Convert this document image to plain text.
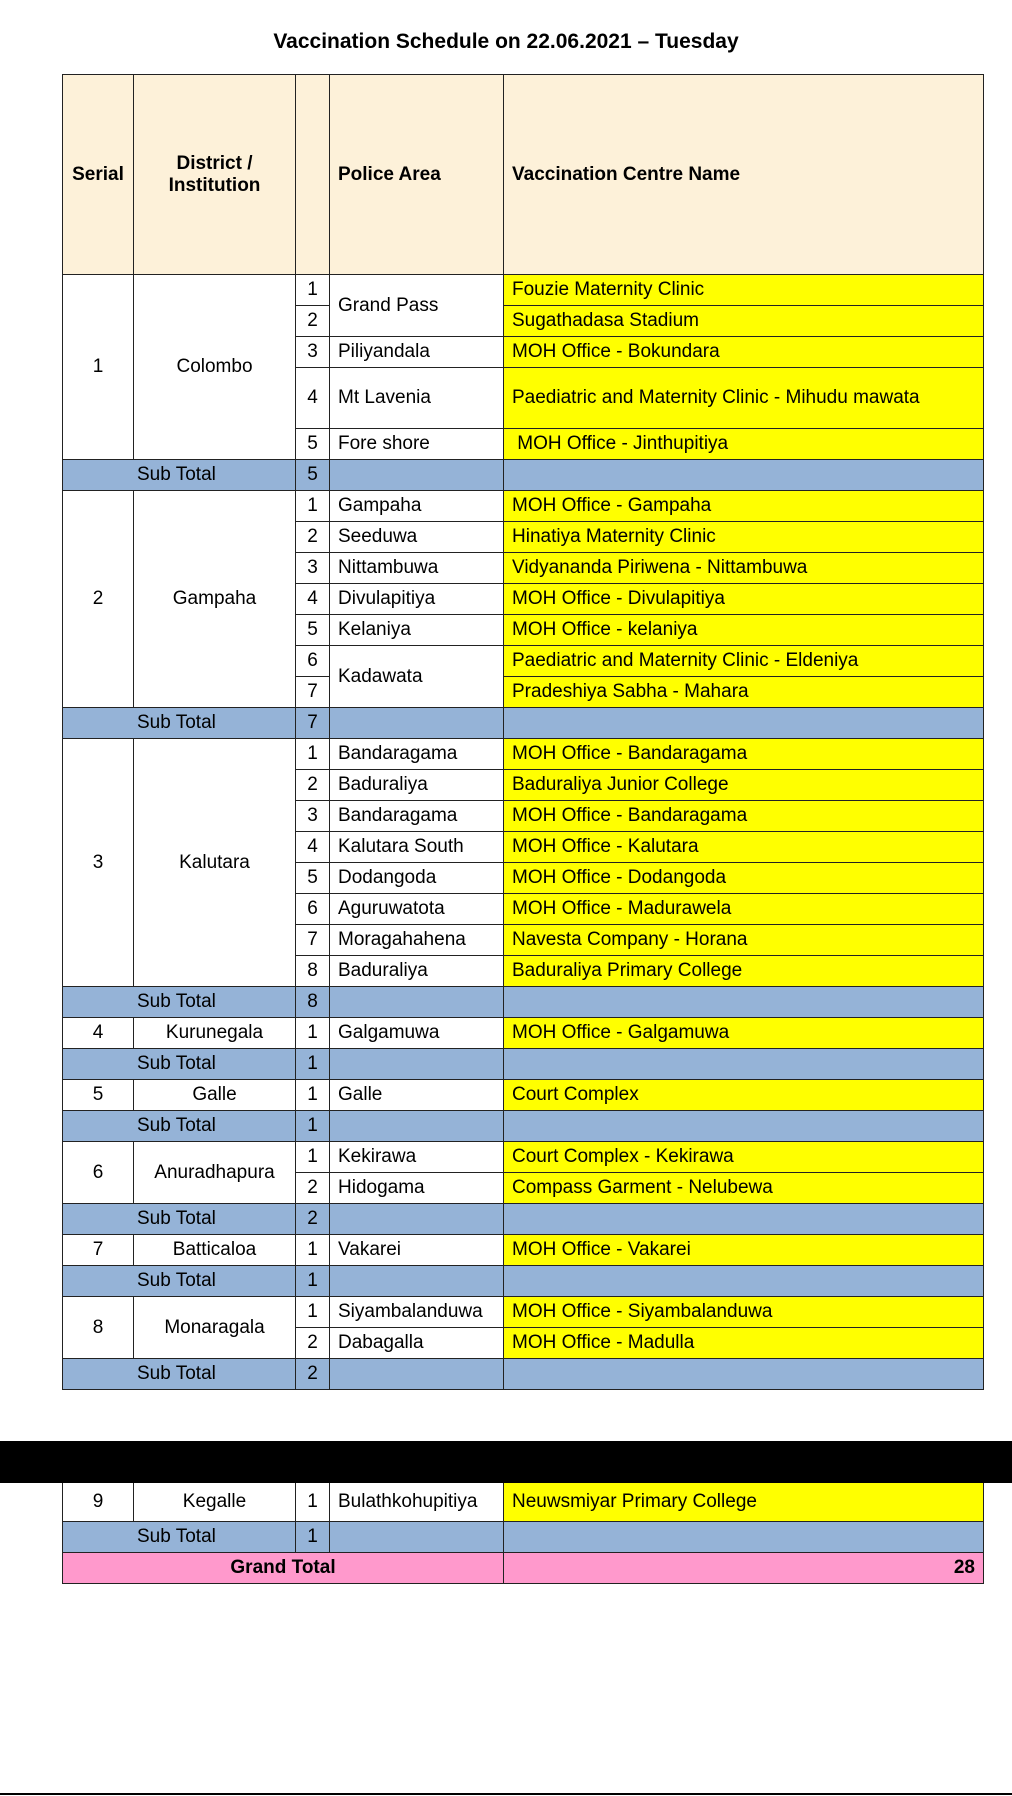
Vaccination Schedule on 22.06.2021 – Tuesday
Serial	District / Institution		Police Area	Vaccination Centre Name
1	Colombo	1	Grand Pass	Fouzie Maternity Clinic
		2		Sugathadasa Stadium
		3	Piliyandala	MOH Office - Bokundara
		4	Mt Lavenia	Paediatric and Maternity Clinic - Mihudu mawata
		5	Fore shore	MOH Office - Jinthupitiya
Sub Total		5		
2	Gampaha	1	Gampaha	MOH Office - Gampaha
		2	Seeduwa	Hinatiya Maternity Clinic
		3	Nittambuwa	Vidyananda Piriwena - Nittambuwa
		4	Divulapitiya	MOH Office - Divulapitiya
		5	Kelaniya	MOH Office - kelaniya
		6	Kadawata	Paediatric and Maternity Clinic - Eldeniya
		7		Pradeshiya Sabha - Mahara
Sub Total		7		
3	Kalutara	1	Bandaragama	MOH Office - Bandaragama
		2	Baduraliya	Baduraliya Junior College
		3	Bandaragama	MOH Office - Bandaragama
		4	Kalutara South	MOH Office - Kalutara
		5	Dodangoda	MOH Office - Dodangoda
		6	Aguruwatota	MOH Office - Madurawela
		7	Moragahahena	Navesta Company - Horana
		8	Baduraliya	Baduraliya Primary College
Sub Total		8		
4	Kurunegala	1	Galgamuwa	MOH Office - Galgamuwa
Sub Total		1		
5	Galle	1	Galle	Court Complex
Sub Total		1		
6	Anuradhapura	1	Kekirawa	Court Complex - Kekirawa
		2	Hidogama	Compass Garment - Nelubewa
Sub Total		2		
7	Batticaloa	1	Vakarei	MOH Office - Vakarei
Sub Total		1		
8	Monaragala	1	Siyambalanduwa	MOH Office - Siyambalanduwa
		2	Dabagalla	MOH Office - Madulla
Sub Total		2		
9	Kegalle	1	Bulathkohupitiya	Neuwsmiyar Primary College
Sub Total		1		
Grand Total				28
